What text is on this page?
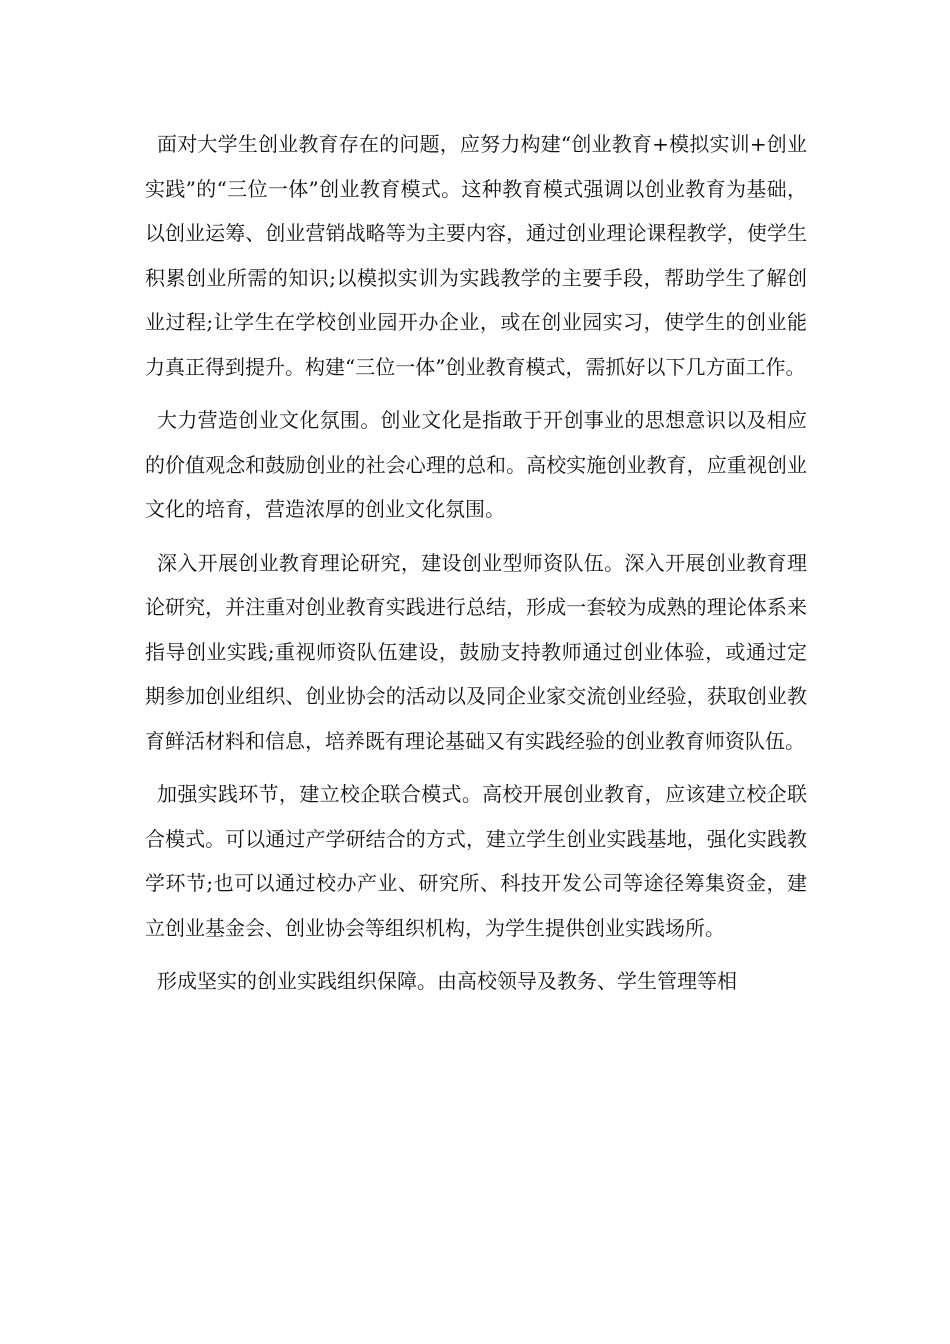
面对大学生创业教育存在的问题，应努力构建“创业教育+模拟实训+创业实践”的“三位一体”创业教育模式。这种教育模式强调以创业教育为基础，以创业运筹、创业营销战略等为主要内容，通过创业理论课程教学，使学生积累创业所需的知识;以模拟实训为实践教学的主要手段，帮助学生了解创业过程;让学生在学校创业园开办企业，或在创业园实习，使学生的创业能力真正得到提升。构建“三位一体”创业教育模式，需抓好以下几方面工作。

大力营造创业文化氛围。创业文化是指敢于开创事业的思想意识以及相应的价值观念和鼓励创业的社会心理的总和。高校实施创业教育，应重视创业文化的培育，营造浓厚的创业文化氛围。

深入开展创业教育理论研究，建设创业型师资队伍。深入开展创业教育理论研究，并注重对创业教育实践进行总结，形成一套较为成熟的理论体系来指导创业实践;重视师资队伍建设，鼓励支持教师通过创业体验，或通过定期参加创业组织、创业协会的活动以及同企业家交流创业经验，获取创业教育鲜活材料和信息，培养既有理论基础又有实践经验的创业教育师资队伍。

加强实践环节，建立校企联合模式。高校开展创业教育，应该建立校企联合模式。可以通过产学研结合的方式，建立学生创业实践基地，强化实践教学环节;也可以通过校办产业、研究所、科技开发公司等途径筹集资金，建立创业基金会、创业协会等组织机构，为学生提供创业实践场所。

形成坚实的创业实践组织保障。由高校领导及教务、学生管理等相
